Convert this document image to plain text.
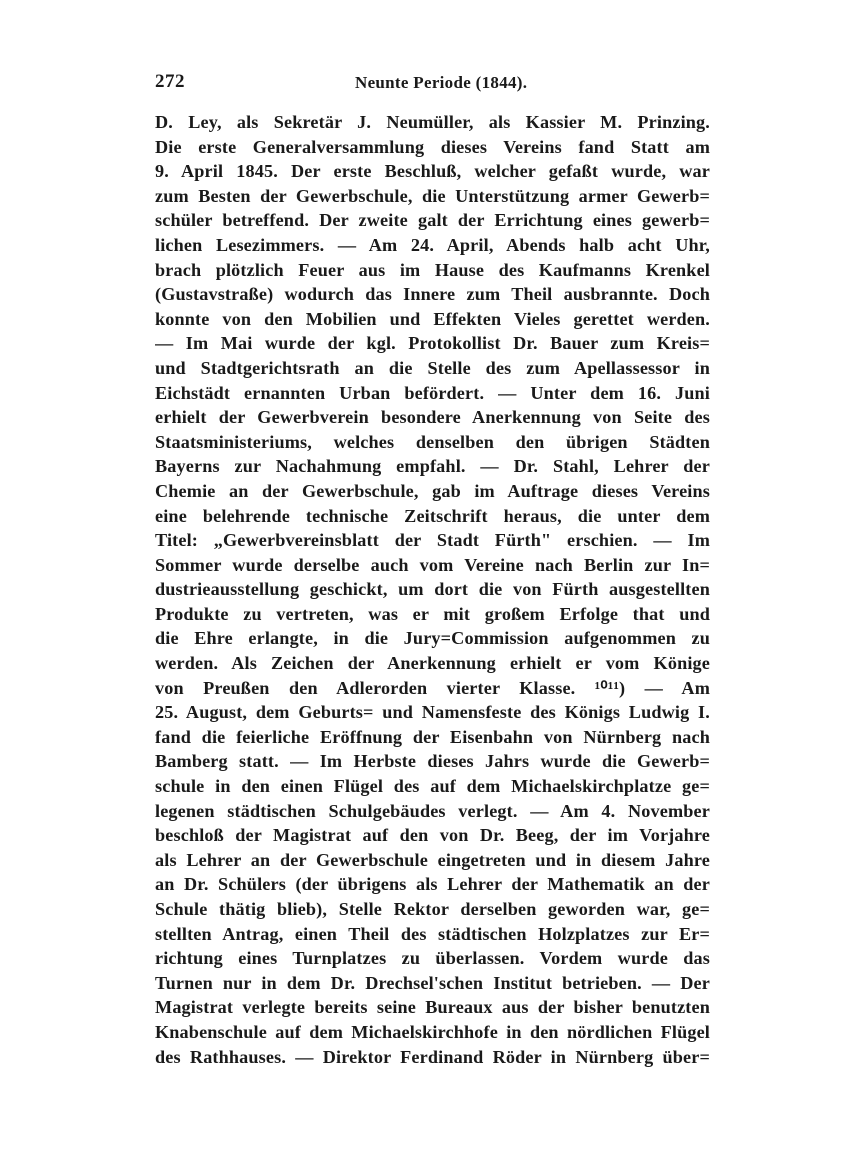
272	Neunte Periode (1844).
D. Ley, als Sekretär J. Neumüller, als Kassier M. Prinzing.
Die erste Generalversammlung dieses Vereins fand Statt am
9. April 1845. Der erste Beschluß, welcher gefaßt wurde, war
zum Besten der Gewerbschule, die Unterstützung armer Gewerb=
schüler betreffend. Der zweite galt der Errichtung eines gewerb=
lichen Lesezimmers. — Am 24. April, Abends halb acht Uhr,
brach plötzlich Feuer aus im Hause des Kaufmanns Krenkel
(Gustavstraße) wodurch das Innere zum Theil ausbrannte. Doch
konnte von den Mobilien und Effekten Vieles gerettet werden.
— Im Mai wurde der kgl. Protokollist Dr. Bauer zum Kreis=
und Stadtgerichtsrath an die Stelle des zum Apellassessor in
Eichstädt ernannten Urban befördert. — Unter dem 16. Juni
erhielt der Gewerbverein besondere Anerkennung von Seite des
Staatsministeriums, welches denselben den übrigen Städten
Bayerns zur Nachahmung empfahl. — Dr. Stahl, Lehrer der
Chemie an der Gewerbschule, gab im Auftrage dieses Vereins
eine belehrende technische Zeitschrift heraus, die unter dem
Titel: „Gewerbvereinsblatt der Stadt Fürth" erschien. — Im
Sommer wurde derselbe auch vom Vereine nach Berlin zur In=
dustrieausstellung geschickt, um dort die von Fürth ausgestellten
Produkte zu vertreten, was er mit großem Erfolge that und
die Ehre erlangte, in die Jury=Commission aufgenommen zu
werden. Als Zeichen der Anerkennung erhielt er vom Könige
von Preußen den Adlerorden vierter Klasse. ¹⁰¹¹) — Am
25. August, dem Geburts= und Namensfeste des Königs Ludwig I.
fand die feierliche Eröffnung der Eisenbahn von Nürnberg nach
Bamberg statt. — Im Herbste dieses Jahrs wurde die Gewerb=
schule in den einen Flügel des auf dem Michaelskirchplatze ge=
legenen städtischen Schulgebäudes verlegt. — Am 4. November
beschloß der Magistrat auf den von Dr. Beeg, der im Vorjahre
als Lehrer an der Gewerbschule eingetreten und in diesem Jahre
an Dr. Schülers (der übrigens als Lehrer der Mathematik an der
Schule thätig blieb), Stelle Rektor derselben geworden war, ge=
stellten Antrag, einen Theil des städtischen Holzplatzes zur Er=
richtung eines Turnplatzes zu überlassen. Vordem wurde das
Turnen nur in dem Dr. Drechsel'schen Institut betrieben. — Der
Magistrat verlegte bereits seine Bureaux aus der bisher benutzten
Knabenschule auf dem Michaelskirchhofe in den nördlichen Flügel
des Rathhauses. — Direktor Ferdinand Röder in Nürnberg über=
